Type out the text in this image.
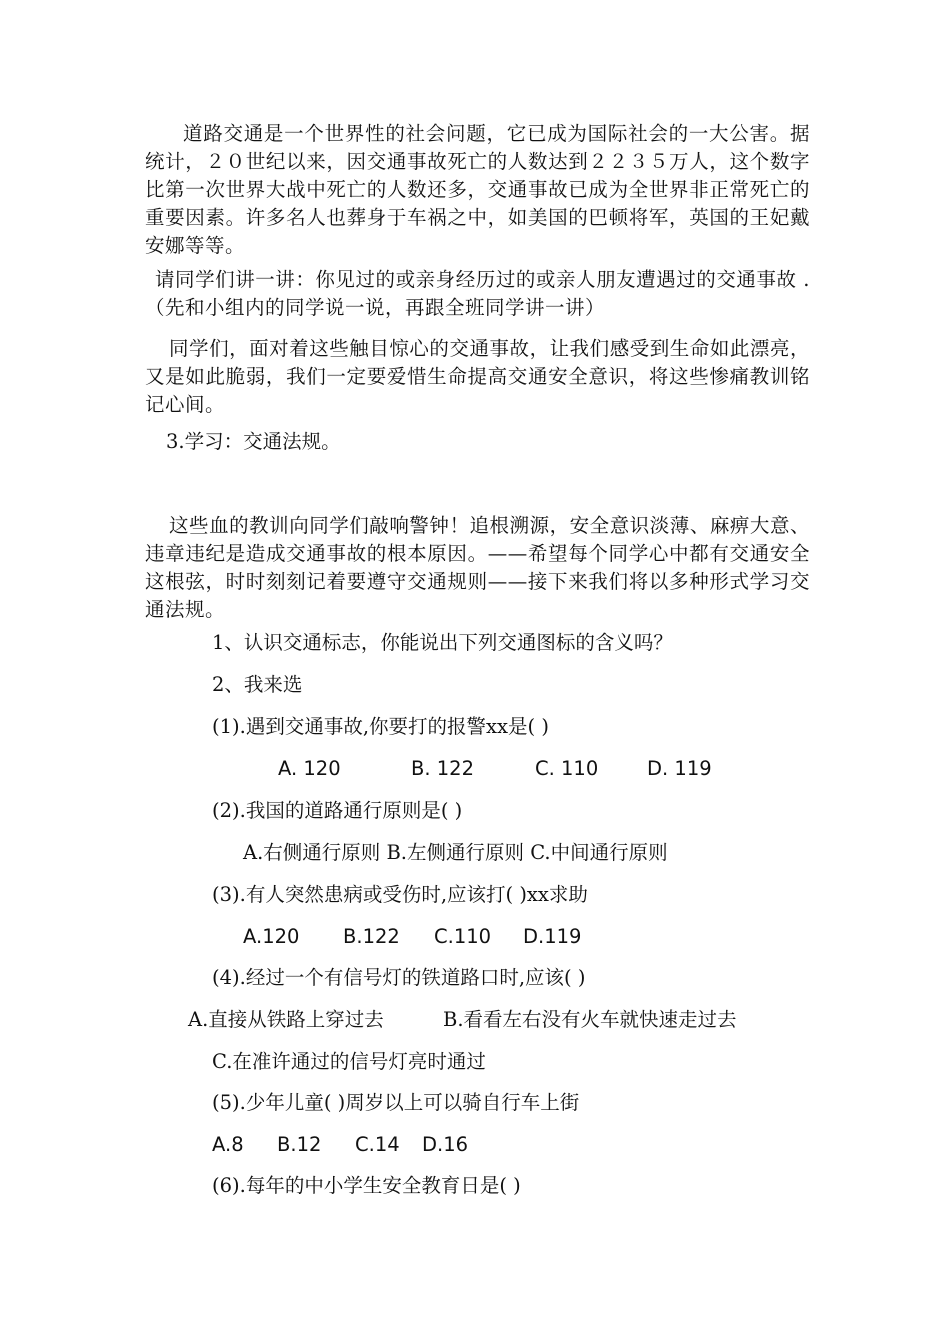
道路交通是一个世界性的社会问题，它已成为国际社会的一大公害。据统计，２０世纪以来，因交通事故死亡的人数达到２２３５万人，这个数字比第一次世界大战中死亡的人数还多，交通事故已成为全世界非正常死亡的重要因素。许多名人也葬身于车祸之中，如美国的巴顿将军，英国的王妃戴安娜等等。

请同学们讲一讲：你见过的或亲身经历过的或亲人朋友遭遇过的交通事故 .（先和小组内的同学说一说，再跟全班同学讲一讲）

同学们，面对着这些触目惊心的交通事故，让我们感受到生命如此漂亮，又是如此脆弱，我们一定要爱惜生命提高交通安全意识，将这些惨痛教训铭记心间。

3.学习：交通法规。

这些血的教训向同学们敲响警钟！追根溯源，安全意识淡薄、麻痹大意、违章违纪是造成交通事故的根本原因。——希望每个同学心中都有交通安全这根弦，时时刻刻记着要遵守交通规则——接下来我们将以多种形式学习交通法规。

1、认识交通标志，你能说出下列交通图标的含义吗？

2、我来选

(1).遇到交通事故,你要打的报警xx是( )

A. 120	B. 122	C. 110	D. 119

(2).我国的道路通行原则是( )

A.右侧通行原则 B.左侧通行原则 C.中间通行原则

(3).有人突然患病或受伤时,应该打( )xx求助

A.120 B.122 C.110 D.119

(4).经过一个有信号灯的铁道路口时,应该( )

A.直接从铁路上穿过去	B.看看左右没有火车就快速走过去

C.在准许通过的信号灯亮时通过

(5).少年儿童( )周岁以上可以骑自行车上街

A.8 B.12 C.14 D.16

(6).每年的中小学生安全教育日是( )
